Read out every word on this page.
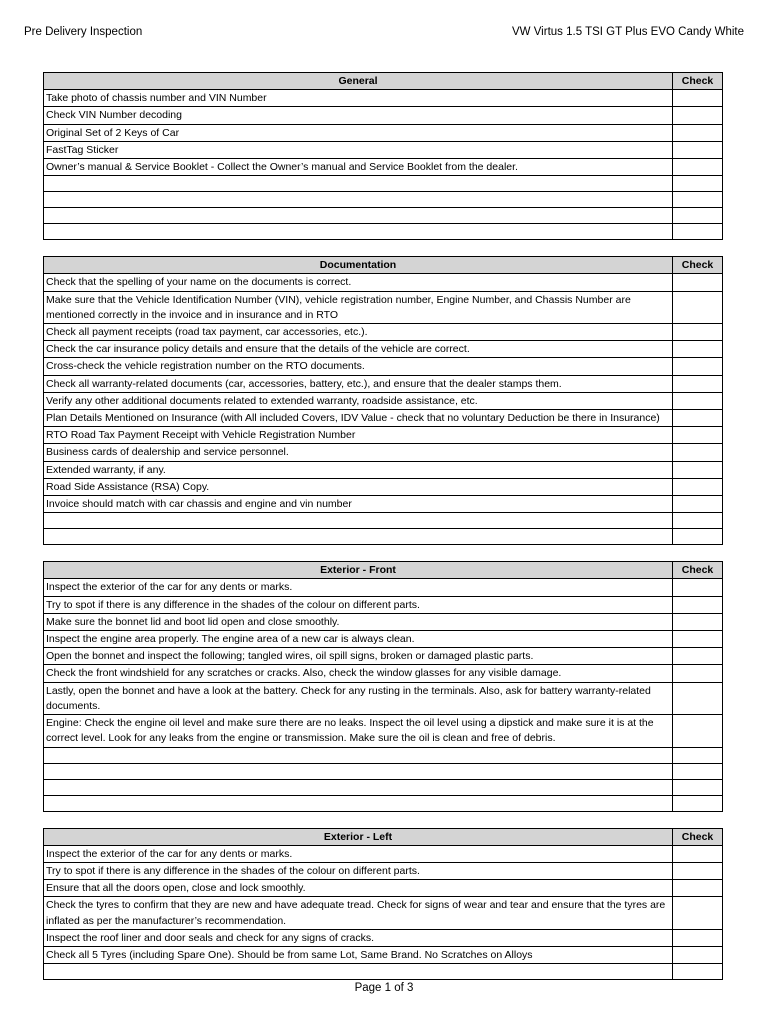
Pre Delivery Inspection	VW Virtus 1.5 TSI GT Plus EVO Candy White
General	Check
Take photo of chassis number and VIN Number	
Check VIN Number decoding	
Original Set of 2 Keys of Car	
FastTag Sticker	
Owner’s manual & Service Booklet - Collect the Owner’s manual and Service Booklet from the dealer.	

Documentation	Check
Check that the spelling of your name on the documents is correct.	
Make sure that the Vehicle Identification Number (VIN), vehicle registration number, Engine Number, and Chassis Number are mentioned correctly in the invoice and in insurance and in RTO	
Check all payment receipts (road tax payment, car accessories, etc.).	
Check the car insurance policy details and ensure that the details of the vehicle are correct.	
Cross-check the vehicle registration number on the RTO documents.	
Check all warranty-related documents (car, accessories, battery, etc.), and ensure that the dealer stamps them.	
Verify any other additional documents related to extended warranty, roadside assistance, etc.	
Plan Details Mentioned on Insurance (with All included Covers, IDV Value - check that no voluntary Deduction be there in Insurance)	
RTO Road Tax Payment Receipt with Vehicle Registration Number	
Business cards of dealership and service personnel.	
Extended warranty, if any.	
Road Side Assistance (RSA) Copy.	
Invoice should match with car chassis and engine and vin number	

Exterior - Front	Check
Inspect the exterior of the car for any dents or marks.	
Try to spot if there is any difference in the shades of the colour on different parts.	
Make sure the bonnet lid and boot lid open and close smoothly.	
Inspect the engine area properly. The engine area of a new car is always clean.	
Open the bonnet and inspect the following; tangled wires, oil spill signs, broken or damaged plastic parts.	
Check the front windshield for any scratches or cracks. Also, check the window glasses for any visible damage.	
Lastly, open the bonnet and have a look at the battery. Check for any rusting in the terminals. Also, ask for battery warranty-related documents.	
Engine: Check the engine oil level and make sure there are no leaks. Inspect the oil level using a dipstick and make sure it is at the correct level. Look for any leaks from the engine or transmission. Make sure the oil is clean and free of debris.	

Exterior - Left	Check
Inspect the exterior of the car for any dents or marks.	
Try to spot if there is any difference in the shades of the colour on different parts.	
Ensure that all the doors open, close and lock smoothly.	
Check the tyres to confirm that they are new and have adequate tread. Check for signs of wear and tear and ensure that the tyres are inflated as per the manufacturer’s recommendation.	
Inspect the roof liner and door seals and check for any signs of cracks.	
Check all 5 Tyres (including Spare One). Should be from same Lot, Same Brand. No Scratches on Alloys	

Page 1 of 3
